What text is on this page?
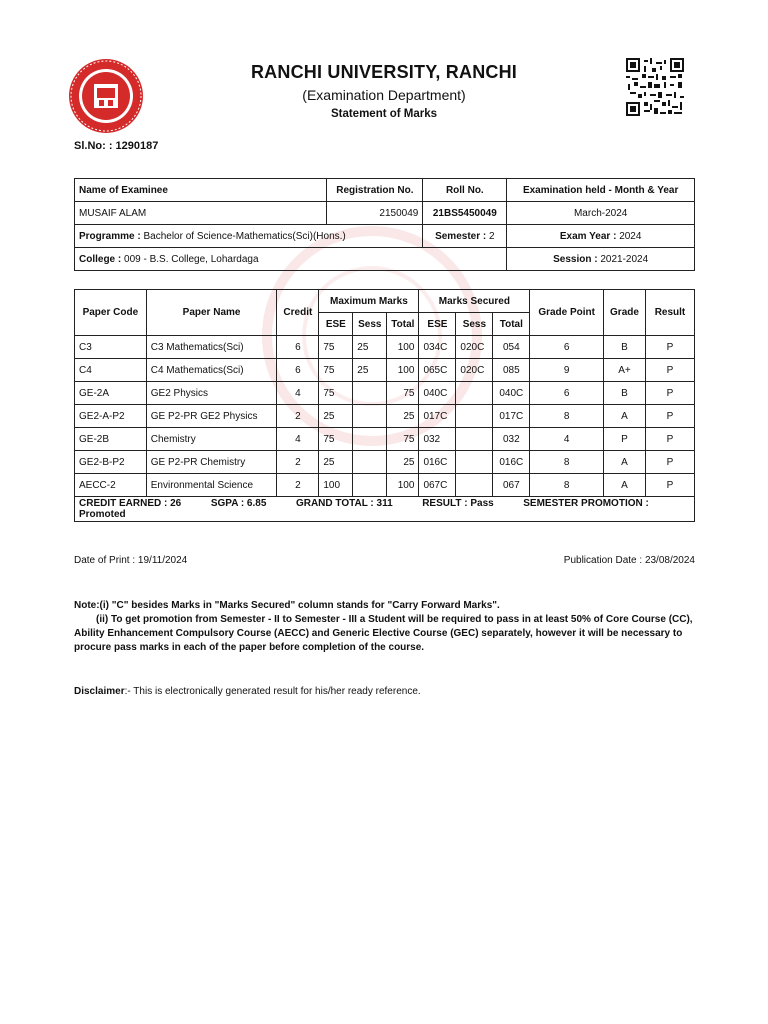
RANCHI UNIVERSITY, RANCHI
(Examination Department)
Statement of Marks
Sl.No: : 1290187
Name of Examinee	Registration No.	Roll No.	Examination held - Month & Year
MUSAIF ALAM	2150049	21BS5450049	March-2024
Programme : Bachelor of Science-Mathematics(Sci)(Hons.)		Semester : 2	Exam Year : 2024
College : 009 - B.S. College, Lohardaga			Session : 2021-2024
Paper Code	Paper Name	Credit	Maximum Marks			Marks Secured			Grade Point	Grade	Result
			ESE	Sess	Total	ESE	Sess	Total			
C3	C3 Mathematics(Sci)	6	75	25	100	034C	020C	054	6	B	P
C4	C4 Mathematics(Sci)	6	75	25	100	065C	020C	085	9	A+	P
GE-2A	GE2 Physics	4	75		75	040C		040C	6	B	P
GE2-A-P2	GE P2-PR GE2 Physics	2	25		25	017C		017C	8	A	P
GE-2B	Chemistry	4	75		75	032		032	4	P	P
GE2-B-P2	GE P2-PR Chemistry	2	25		25	016C		016C	8	A	P
AECC-2	Environmental Science	2	100		100	067C		067	8	A	P
CREDIT EARNED : 26 SGPA : 6.85 GRAND TOTAL : 311 RESULT : Pass SEMESTER PROMOTION : Promoted											
Date of Print : 19/11/2024	Publication Date : 23/08/2024
Note:(i) "C" besides Marks in "Marks Secured" column stands for "Carry Forward Marks".
(ii) To get promotion from Semester - II to Semester - III a Student will be required to pass in at least 50% of Core Course (CC), Ability Enhancement Compulsory Course (AECC) and Generic Elective Course (GEC) separately, however it will be necessary to procure pass marks in each of the paper before completion of the course.
Disclaimer:- This is electronically generated result for his/her ready reference.
